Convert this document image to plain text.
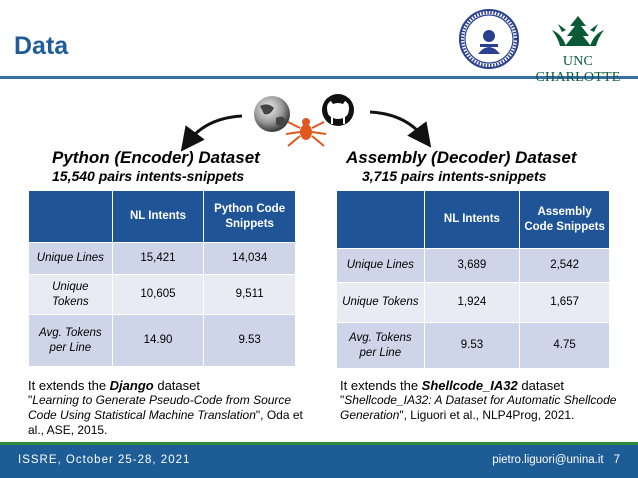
Data
UNC CHARLOTTE
Python (Encoder) Dataset
15,540 pairs intents-snippets
	NL Intents	Python Code Snippets
Unique Lines	15,421	14,034
Unique Tokens	10,605	9,511
Avg. Tokens per Line	14.90	9.53
It extends the Django dataset
"Learning to Generate Pseudo-Code from Source Code Using Statistical Machine Translation", Oda et al., ASE, 2015.
Assembly (Decoder) Dataset
3,715 pairs intents-snippets
	NL Intents	Assembly Code Snippets
Unique Lines	3,689	2,542
Unique Tokens	1,924	1,657
Avg. Tokens per Line	9.53	4.75
It extends the Shellcode_IA32 dataset
"Shellcode_IA32: A Dataset for Automatic Shellcode Generation", Liguori et al., NLP4Prog, 2021.
ISSRE, October 25-28, 2021	pietro.liguori@unina.it 7
